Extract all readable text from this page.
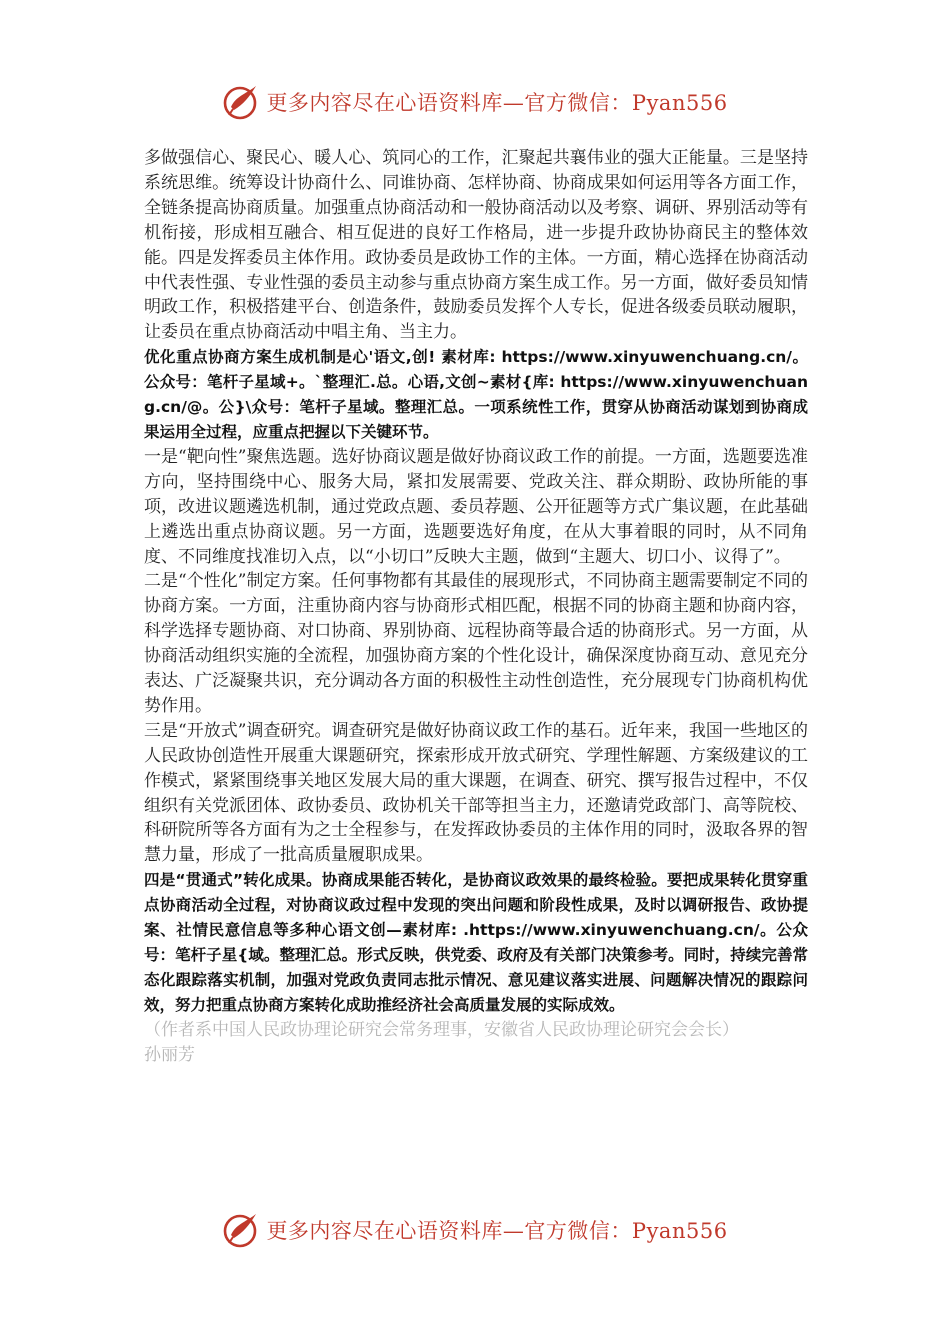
更多内容尽在心语资料库—官方微信：Pyan556

多做强信心、聚民心、暖人心、筑同心的工作，汇聚起共襄伟业的强大正能量。三是坚持系统思维。统筹设计协商什么、同谁协商、怎样协商、协商成果如何运用等各方面工作，全链条提高协商质量。加强重点协商活动和一般协商活动以及考察、调研、界别活动等有机衔接，形成相互融合、相互促进的良好工作格局，进一步提升政协协商民主的整体效能。四是发挥委员主体作用。政协委员是政协工作的主体。一方面，精心选择在协商活动中代表性强、专业性强的委员主动参与重点协商方案生成工作。另一方面，做好委员知情明政工作，积极搭建平台、创造条件，鼓励委员发挥个人专长，促进各级委员联动履职，让委员在重点协商活动中唱主角、当主力。

优化重点协商方案生成机制是心'语文,创! 素材库: https://www.xinyuwenchuang.cn/。公众号：笔杆子星域+。`整理汇.总。心语,文创~素材{库: https://www.xinyuwenchuang.cn/@。公}\众号：笔杆子星域。整理汇总。一项系统性工作，贯穿从协商活动谋划到协商成果运用全过程，应重点把握以下关键环节。

一是“靶向性”聚焦选题。选好协商议题是做好协商议政工作的前提。一方面，选题要选准方向，坚持围绕中心、服务大局，紧扣发展需要、党政关注、群众期盼、政协所能的事项，改进议题遴选机制，通过党政点题、委员荐题、公开征题等方式广集议题，在此基础上遴选出重点协商议题。另一方面，选题要选好角度，在从大事着眼的同时，从不同角度、不同维度找准切入点，以“小切口”反映大主题，做到“主题大、切口小、议得了”。

二是“个性化”制定方案。任何事物都有其最佳的展现形式，不同协商主题需要制定不同的协商方案。一方面，注重协商内容与协商形式相匹配，根据不同的协商主题和协商内容，科学选择专题协商、对口协商、界别协商、远程协商等最合适的协商形式。另一方面，从协商活动组织实施的全流程，加强协商方案的个性化设计，确保深度协商互动、意见充分表达、广泛凝聚共识，充分调动各方面的积极性主动性创造性，充分展现专门协商机构优势作用。

三是“开放式”调查研究。调查研究是做好协商议政工作的基石。近年来，我国一些地区的人民政协创造性开展重大课题研究，探索形成开放式研究、学理性解题、方案级建议的工作模式，紧紧围绕事关地区发展大局的重大课题，在调查、研究、撰写报告过程中，不仅组织有关党派团体、政协委员、政协机关干部等担当主力，还邀请党政部门、高等院校、科研院所等各方面有为之士全程参与，在发挥政协委员的主体作用的同时，汲取各界的智慧力量，形成了一批高质量履职成果。

四是“贯通式”转化成果。协商成果能否转化，是协商议政效果的最终检验。要把成果转化贯穿重点协商活动全过程，对协商议政过程中发现的突出问题和阶段性成果，及时以调研报告、政协提案、社情民意信息等多种心语文创—素材库: .https://www.xinyuwenchuang.cn/。公众号：笔杆子星{域。整理汇总。形式反映，供党委、政府及有关部门决策参考。同时，持续完善常态化跟踪落实机制，加强对党政负责同志批示情况、意见建议落实进展、问题解决情况的跟踪问效，努力把重点协商方案转化成助推经济社会高质量发展的实际成效。

（作者系中国人民政协理论研究会常务理事，安徽省人民政协理论研究会会长）

孙丽芳

更多内容尽在心语资料库—官方微信：Pyan556
